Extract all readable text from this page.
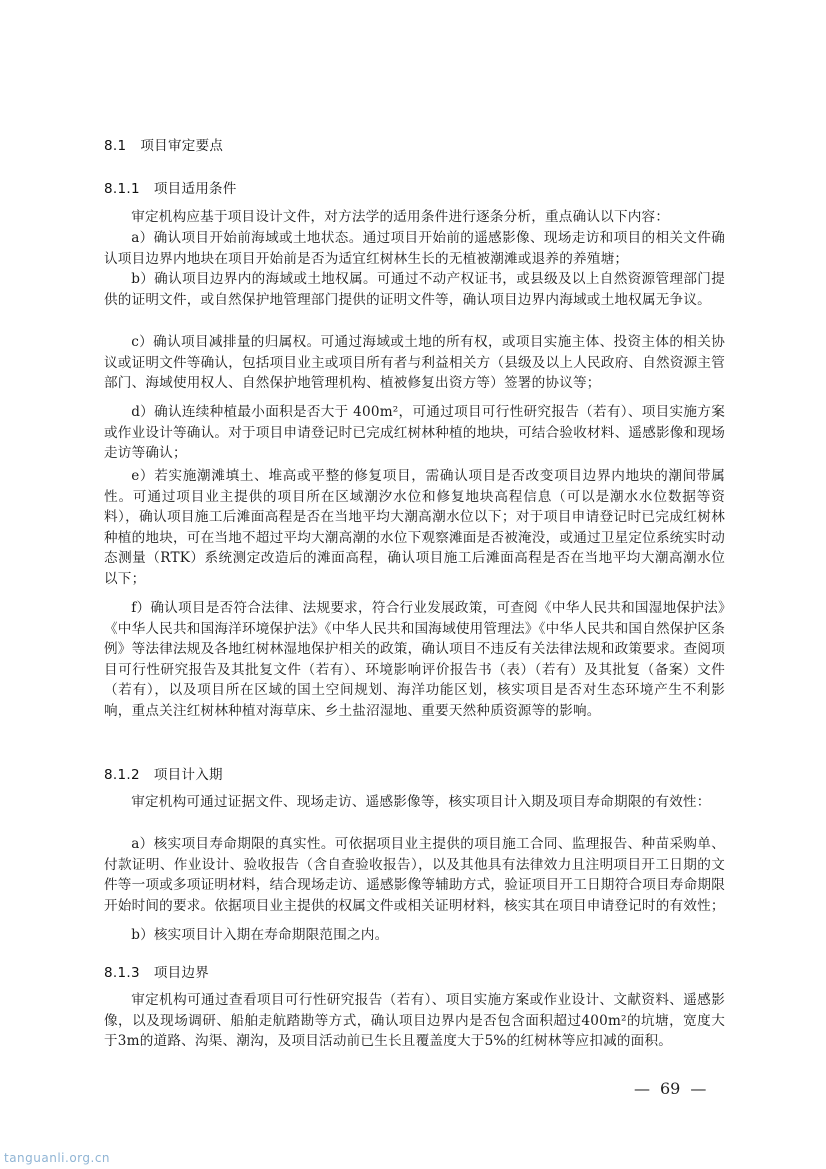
8.1 项目审定要点
8.1.1 项目适用条件

审定机构应基于项目设计文件，对方法学的适用条件进行逐条分析，重点确认以下内容：

a）确认项目开始前海域或土地状态。通过项目开始前的遥感影像、现场走访和项目的相关文件确认项目边界内地块在项目开始前是否为适宜红树林生长的无植被潮滩或退养的养殖塘；

b）确认项目边界内的海域或土地权属。可通过不动产权证书，或县级及以上自然资源管理部门提供的证明文件，或自然保护地管理部门提供的证明文件等，确认项目边界内海域或土地权属无争议。

c）确认项目减排量的归属权。可通过海域或土地的所有权，或项目实施主体、投资主体的相关协议或证明文件等确认，包括项目业主或项目所有者与利益相关方（县级及以上人民政府、自然资源主管部门、海域使用权人、自然保护地管理机构、植被修复出资方等）签署的协议等；

d）确认连续种植最小面积是否大于 400m²，可通过项目可行性研究报告（若有）、项目实施方案或作业设计等确认。对于项目申请登记时已完成红树林种植的地块，可结合验收材料、遥感影像和现场走访等确认；

e）若实施潮滩填土、堆高或平整的修复项目，需确认项目是否改变项目边界内地块的潮间带属性。可通过项目业主提供的项目所在区域潮汐水位和修复地块高程信息（可以是潮水水位数据等资料），确认项目施工后滩面高程是否在当地平均大潮高潮水位以下；对于项目申请登记时已完成红树林种植的地块，可在当地不超过平均大潮高潮的水位下观察滩面是否被淹没，或通过卫星定位系统实时动态测量（RTK）系统测定改造后的滩面高程，确认项目施工后滩面高程是否在当地平均大潮高潮水位以下；

f）确认项目是否符合法律、法规要求，符合行业发展政策，可查阅《中华人民共和国湿地保护法》《中华人民共和国海洋环境保护法》《中华人民共和国海域使用管理法》《中华人民共和国自然保护区条例》等法律法规及各地红树林湿地保护相关的政策，确认项目不违反有关法律法规和政策要求。查阅项目可行性研究报告及其批复文件（若有）、环境影响评价报告书（表）（若有）及其批复（备案）文件（若有），以及项目所在区域的国土空间规划、海洋功能区划，核实项目是否对生态环境产生不利影响，重点关注红树林种植对海草床、乡土盐沼湿地、重要天然种质资源等的影响。

8.1.2 项目计入期

审定机构可通过证据文件、现场走访、遥感影像等，核实项目计入期及项目寿命期限的有效性：

a）核实项目寿命期限的真实性。可依据项目业主提供的项目施工合同、监理报告、种苗采购单、付款证明、作业设计、验收报告（含自查验收报告），以及其他具有法律效力且注明项目开工日期的文件等一项或多项证明材料，结合现场走访、遥感影像等辅助方式，验证项目开工日期符合项目寿命期限开始时间的要求。依据项目业主提供的权属文件或相关证明材料，核实其在项目申请登记时的有效性；

b）核实项目计入期在寿命期限范围之内。

8.1.3 项目边界

审定机构可通过查看项目可行性研究报告（若有）、项目实施方案或作业设计、文献资料、遥感影像，以及现场调研、船舶走航踏勘等方式，确认项目边界内是否包含面积超过400m²的坑塘，宽度大于3m的道路、沟渠、潮沟，及项目活动前已生长且覆盖度大于5%的红树林等应扣减的面积。

— 69 —
tanguanli.org.cn
